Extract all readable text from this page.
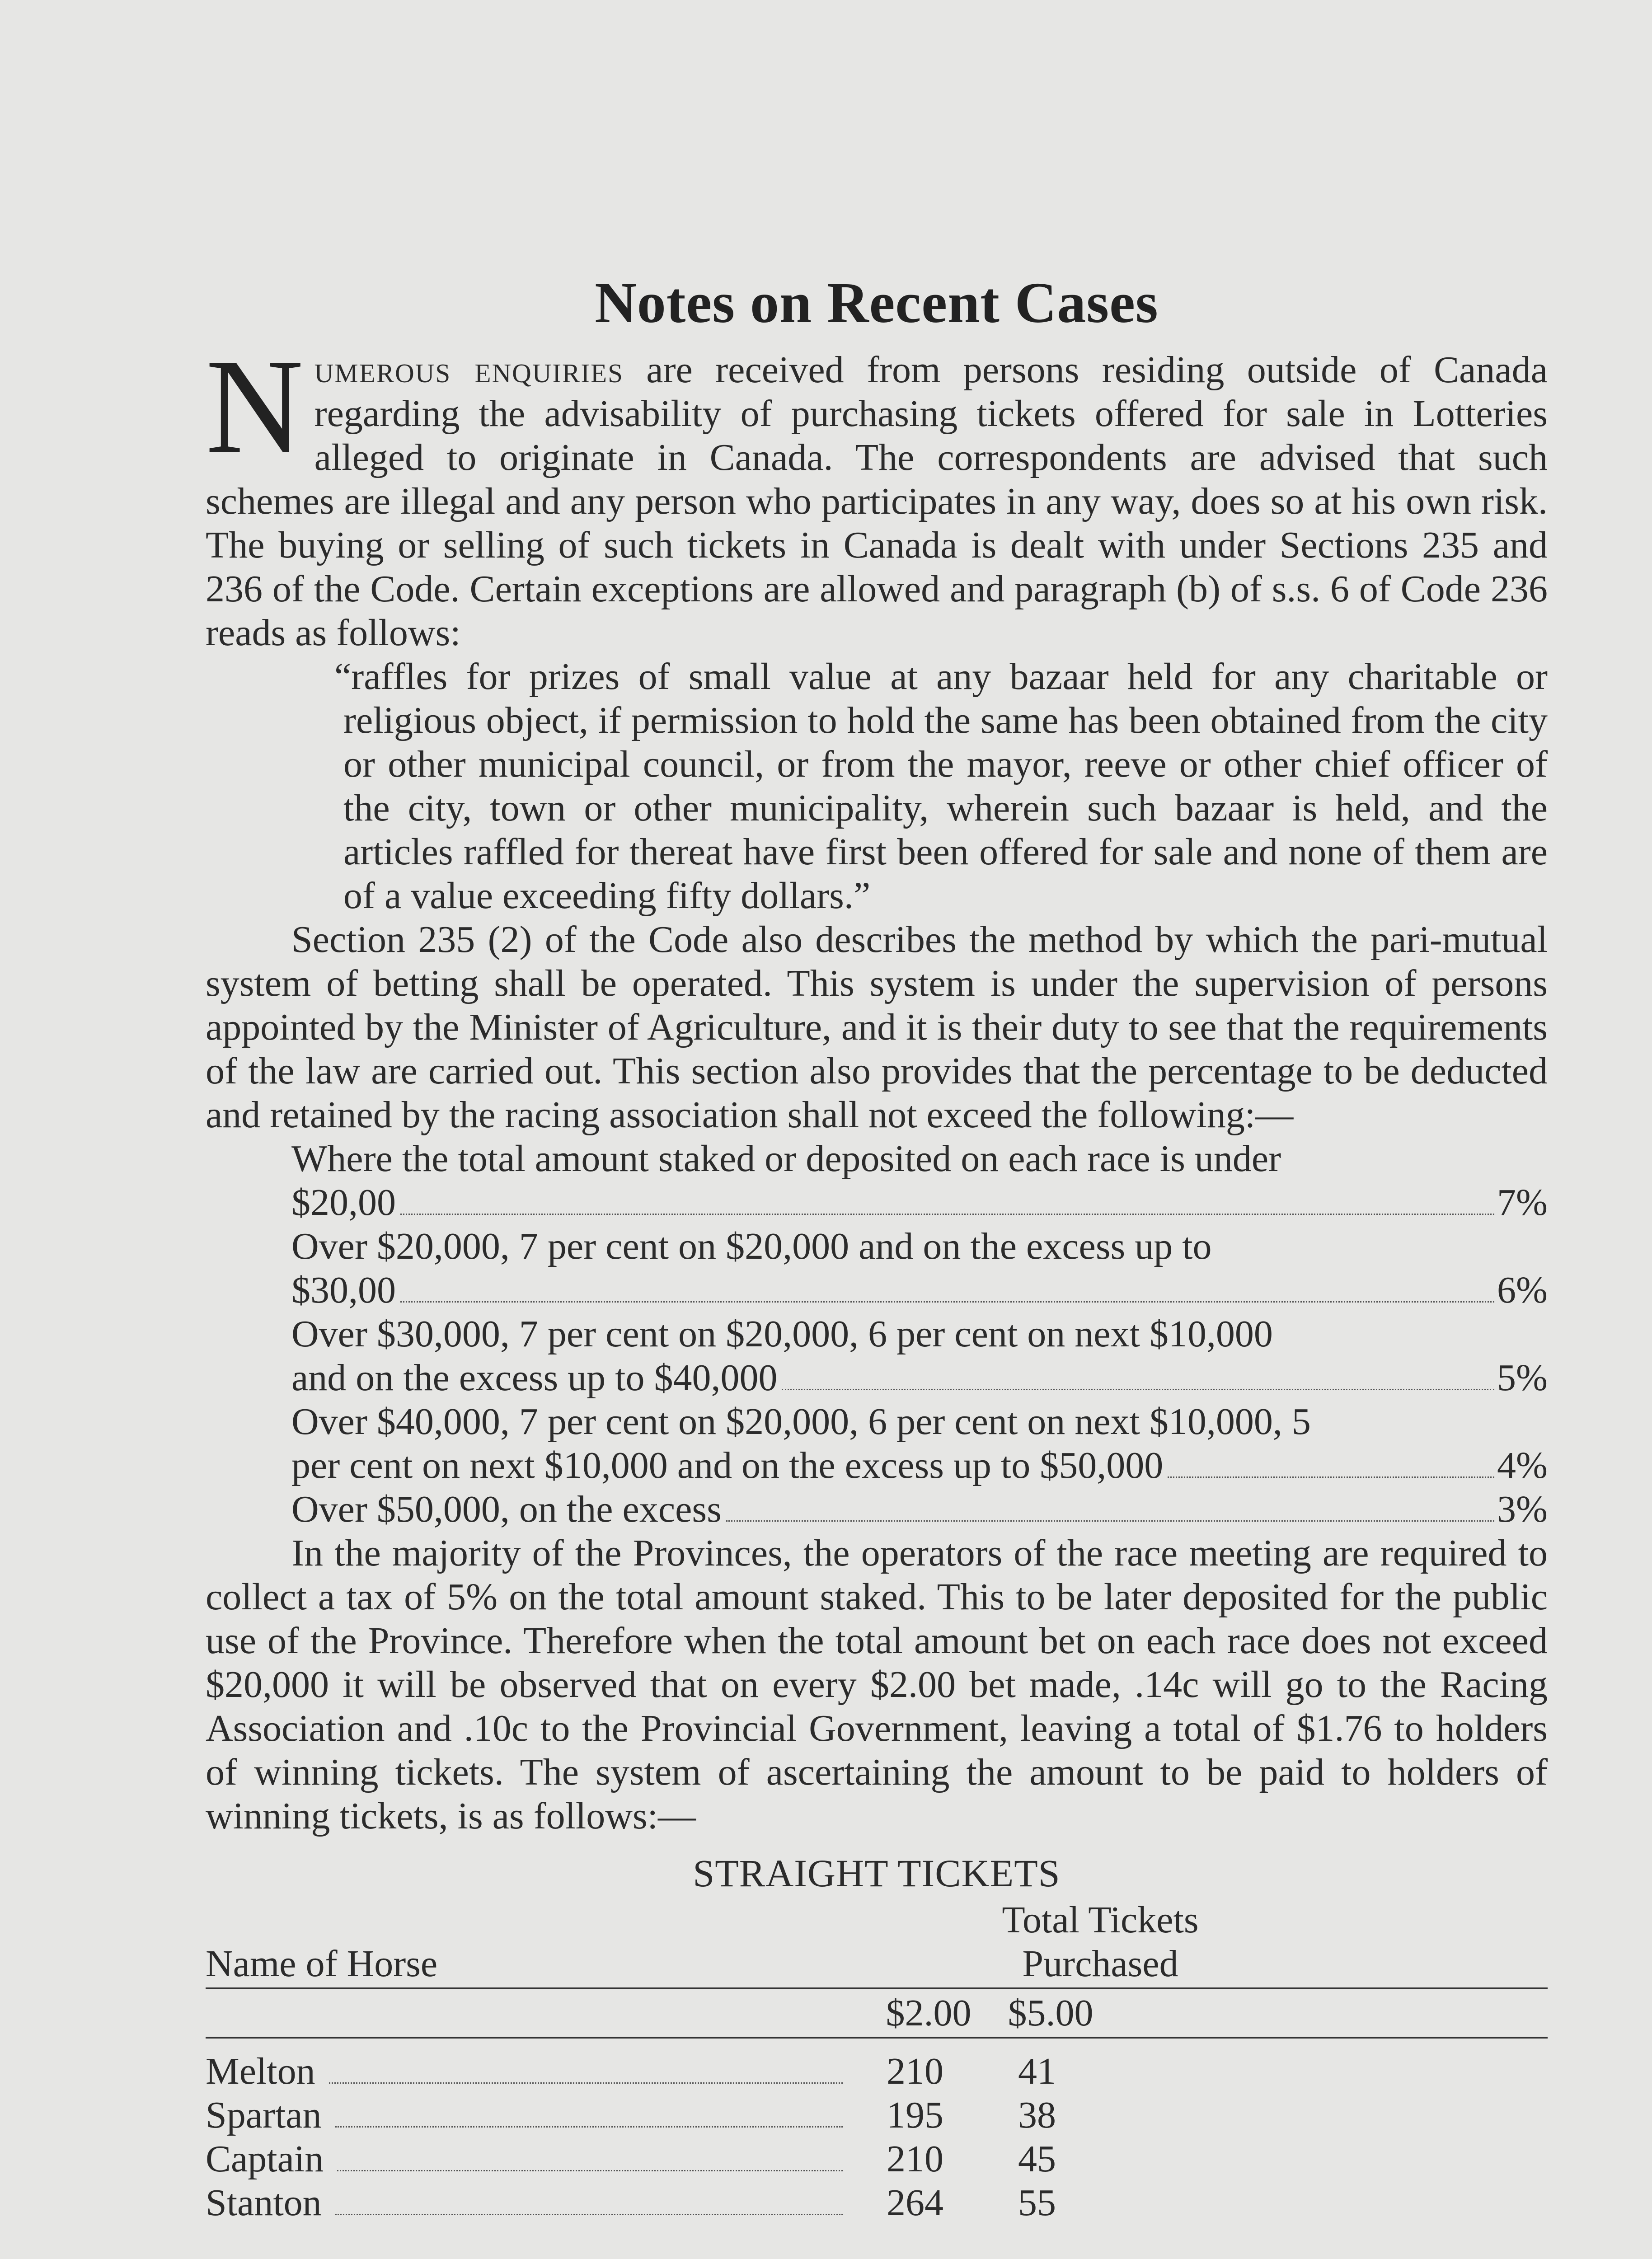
Notes on Recent Cases

Numerous enquiries are received from persons residing outside of Canada regarding the advisability of purchasing tickets offered for sale in Lotteries alleged to originate in Canada. The correspondents are advised that such schemes are illegal and any person who participates in any way, does so at his own risk. The buying or selling of such tickets in Canada is dealt with under Sections 235 and 236 of the Code. Certain exceptions are allowed and paragraph (b) of s.s. 6 of Code 236 reads as follows:

“raffles for prizes of small value at any bazaar held for any charitable or religious object, if permission to hold the same has been obtained from the city or other municipal council, or from the mayor, reeve or other chief officer of the city, town or other municipality, wherein such bazaar is held, and the articles raffled for thereat have first been offered for sale and none of them are of a value exceeding fifty dollars.”

Section 235 (2) of the Code also describes the method by which the pari-mutual system of betting shall be operated. This system is under the supervision of persons appointed by the Minister of Agriculture, and it is their duty to see that the requirements of the law are carried out. This section also provides that the percentage to be deducted and retained by the racing association shall not exceed the following:—

Where the total amount staked or deposited on each race is under
$20,00	7%
Over $20,000, 7 per cent on $20,000 and on the excess up to
$30,00	6%
Over $30,000, 7 per cent on $20,000, 6 per cent on next $10,000
and on the excess up to $40,000	5%
Over $40,000, 7 per cent on $20,000, 6 per cent on next $10,000, 5
per cent on next $10,000 and on the excess up to $50,000	4%
Over $50,000, on the excess	3%

In the majority of the Provinces, the operators of the race meeting are required to collect a tax of 5% on the total amount staked. This to be later deposited for the public use of the Province. Therefore when the total amount bet on each race does not exceed $20,000 it will be observed that on every $2.00 bet made, .14c will go to the Racing Association and .10c to the Provincial Government, leaving a total of $1.76 to holders of winning tickets. The system of ascertaining the amount to be paid to holders of winning tickets, is as follows:—

STRAIGHT TICKETS
Name of Horse
Total Tickets
Purchased
$2.00 $5.00
Melton	210	41
Spartan	195	38
Captain	210	45
Stanton	264	55
